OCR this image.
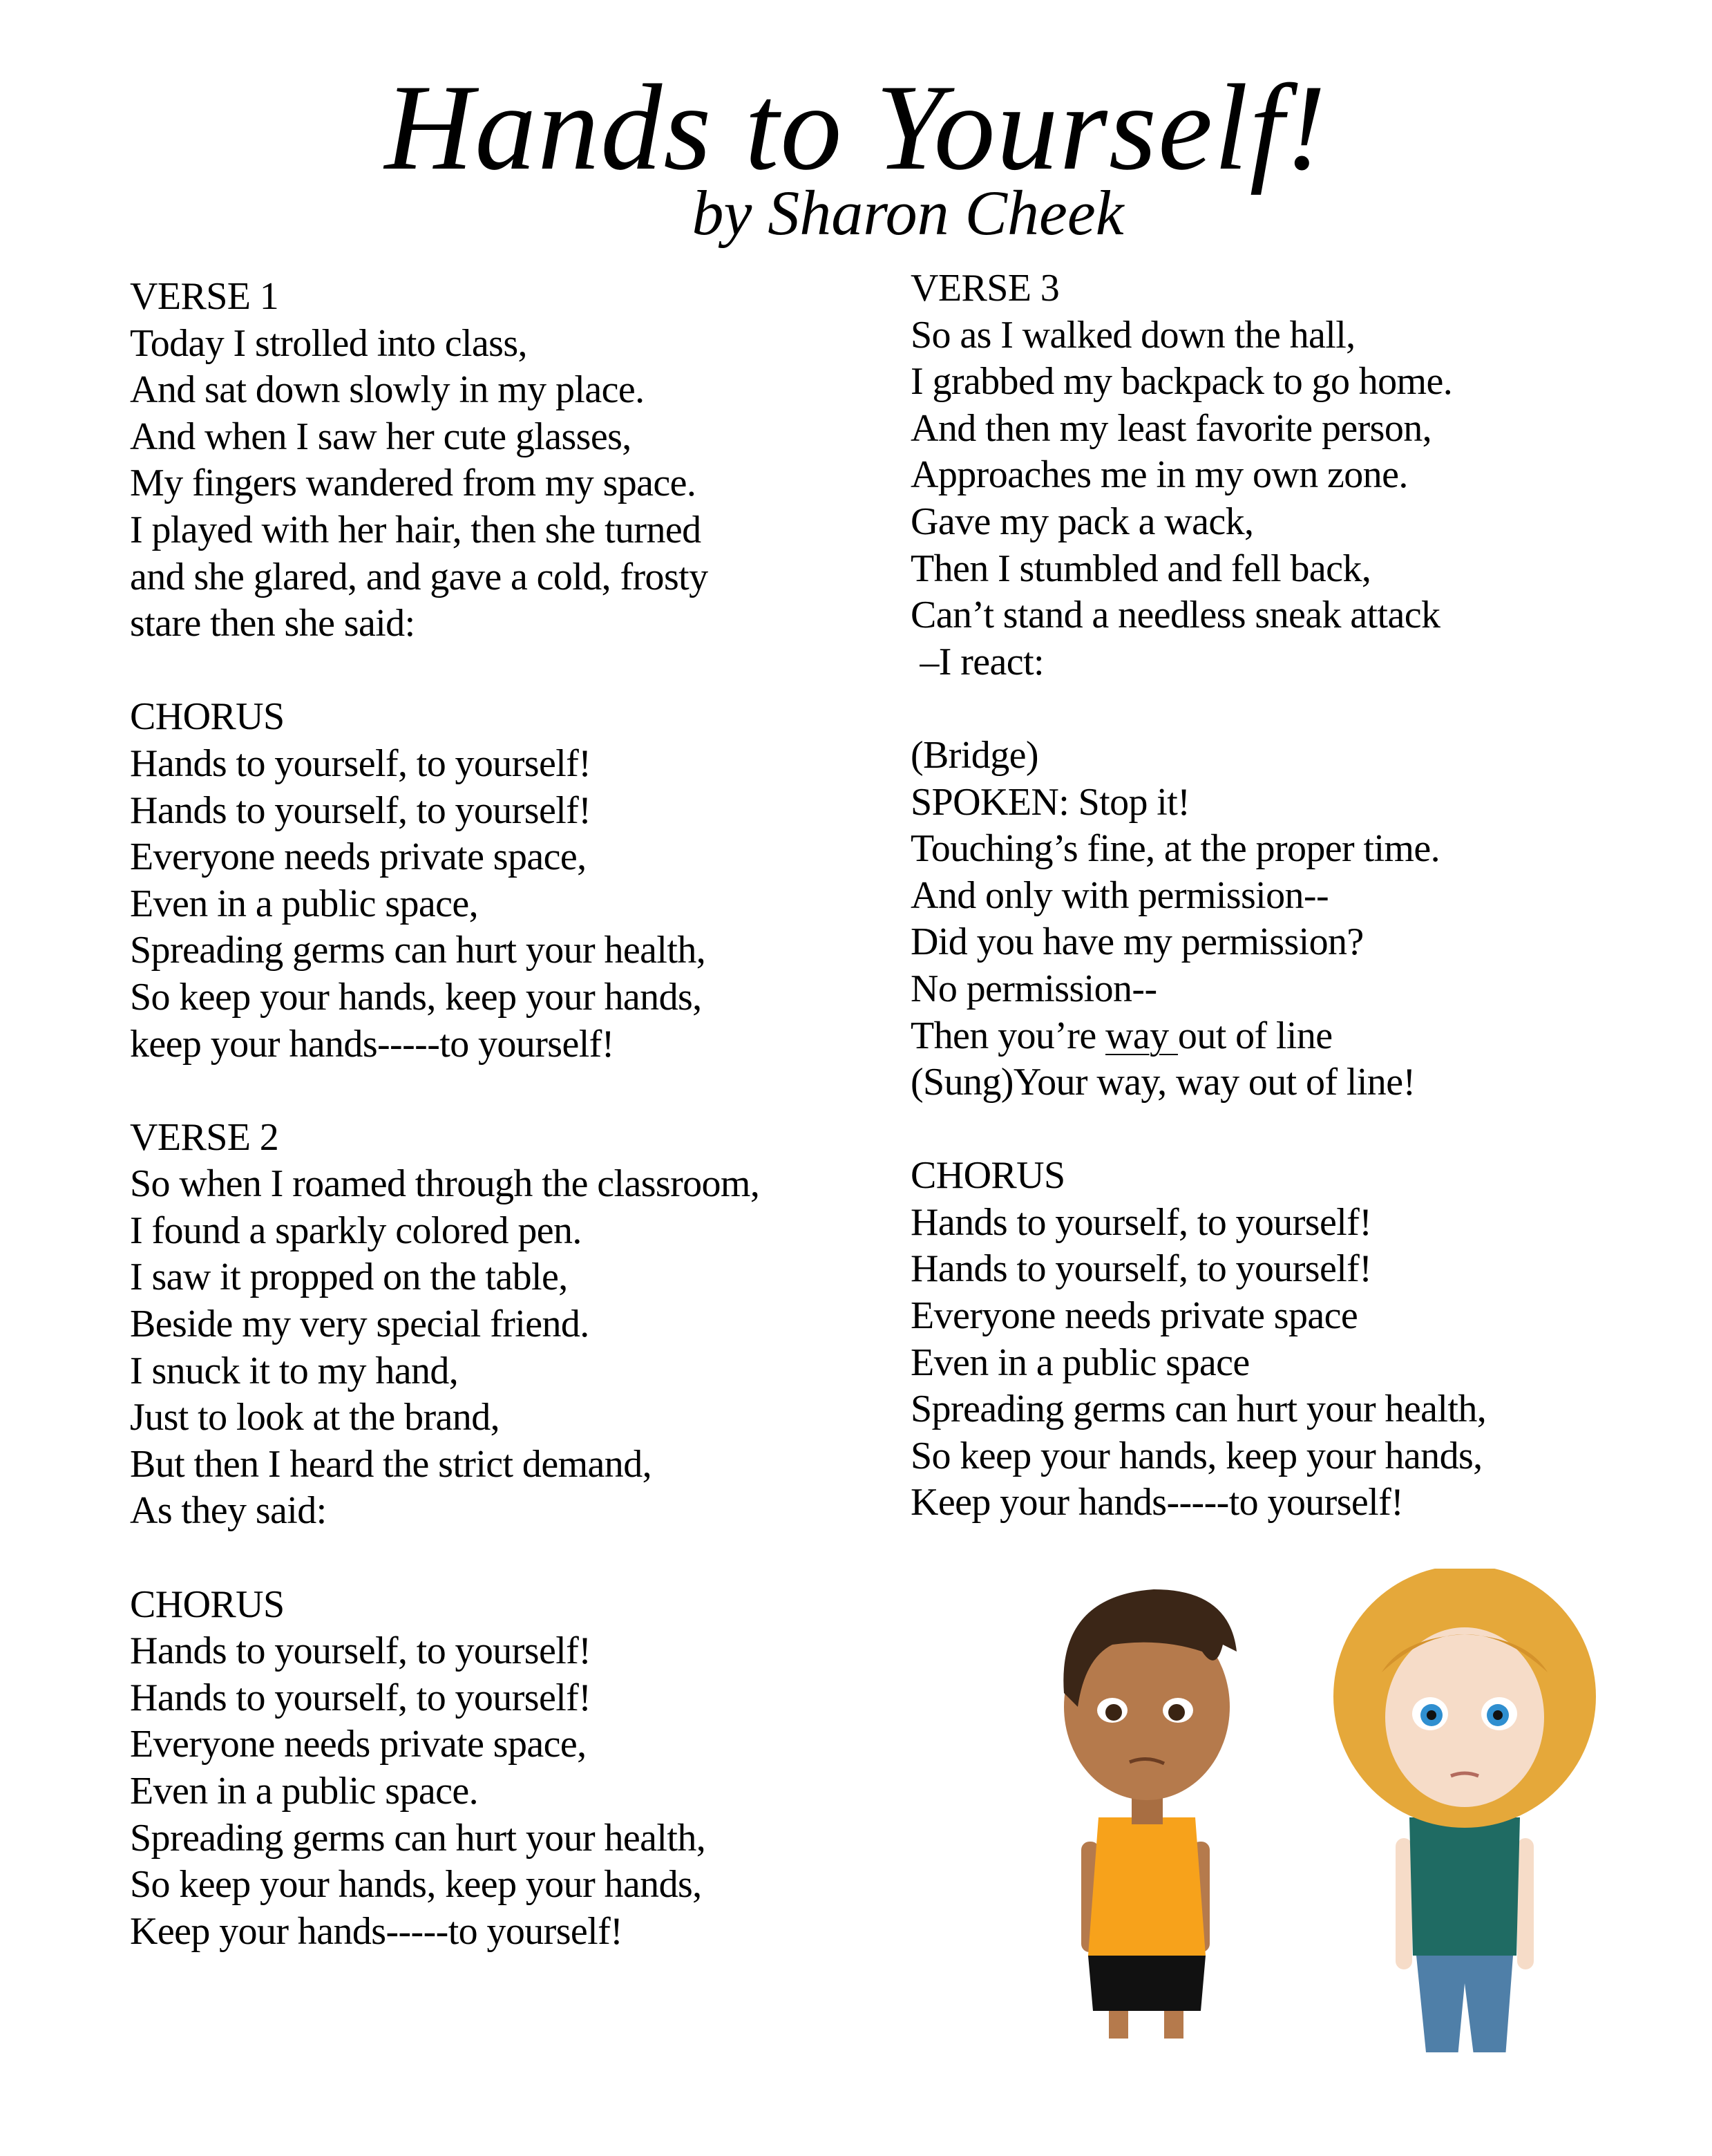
Hands to Yourself!
by Sharon Cheek
VERSE 1
Today I strolled into class,
And sat down slowly in my place.
And when I saw her cute glasses,
My fingers wandered from my space.
I played with her hair, then she turned
and she glared, and gave a cold, frosty
stare then she said:
CHORUS
Hands to yourself, to yourself!
Hands to yourself, to yourself!
Everyone needs private space,
Even in a public space,
Spreading germs can hurt your health,
So keep your hands, keep your hands,
keep your hands-----to yourself!
VERSE 2
So when I roamed through the classroom,
I found a sparkly colored pen.
I saw it propped on the table,
Beside my very special friend.
I snuck it to my hand,
Just to look at the brand,
But then I heard the strict demand,
As they said:
CHORUS
Hands to yourself, to yourself!
Hands to yourself, to yourself!
Everyone needs private space,
Even in a public space.
Spreading germs can hurt your health,
So keep your hands, keep your hands,
Keep your hands-----to yourself!
VERSE 3
So as I walked down the hall,
I grabbed my backpack to go home.
And then my least favorite person,
Approaches me in my own zone.
Gave my pack a wack,
Then I stumbled and fell back,
Can’t stand a needless sneak attack
–I react:
(Bridge)
SPOKEN: Stop it!
Touching’s fine, at the proper time.
And only with permission--
Did you have my permission?
No permission--
Then you’re way out of line
(Sung)Your way, way out of line!
CHORUS
Hands to yourself, to yourself!
Hands to yourself, to yourself!
Everyone needs private space
Even in a public space
Spreading germs can hurt your health,
So keep your hands, keep your hands,
Keep your hands-----to yourself!
